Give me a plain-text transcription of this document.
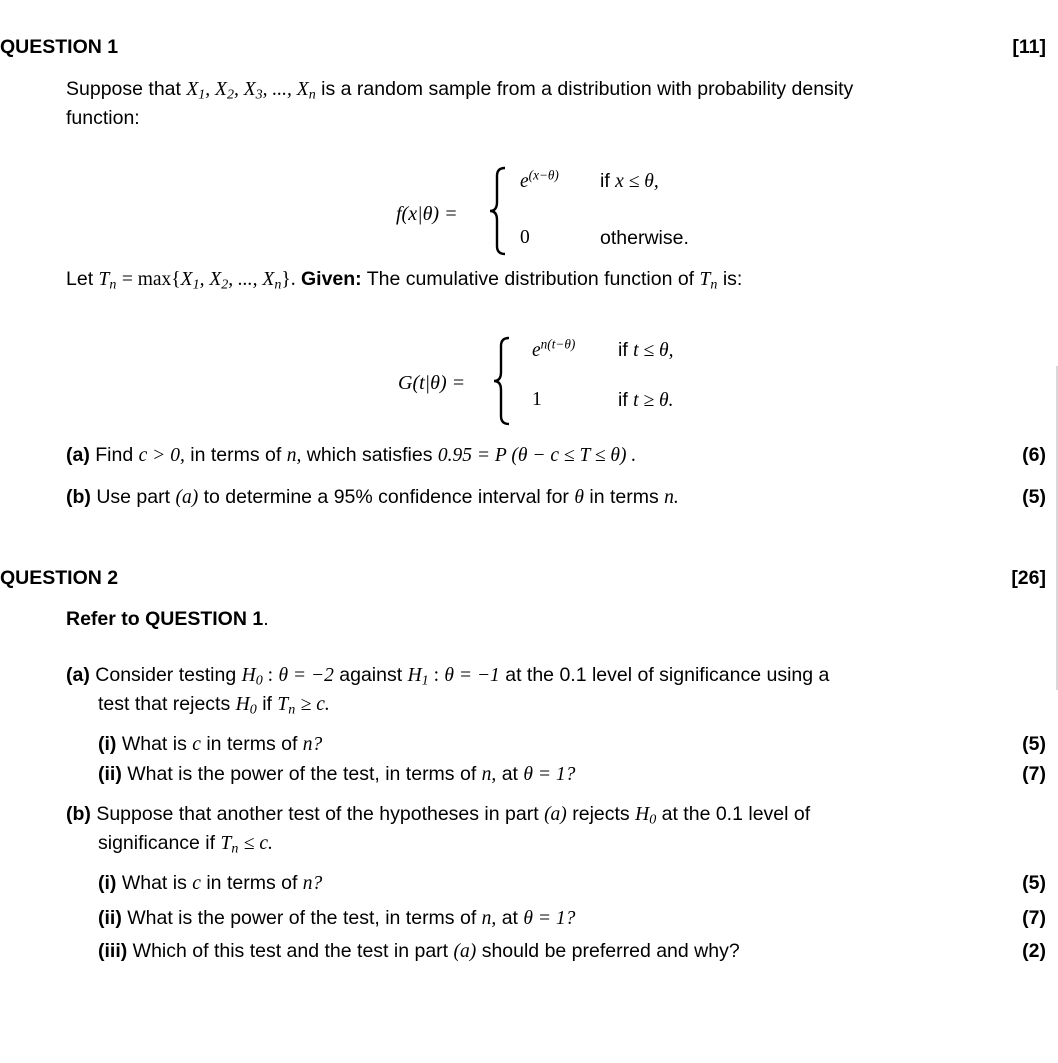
QUESTION 1	[11]
Suppose that $X_1$, $X_2$, $X_3$, ..., $X_n$ is a random sample from a distribution with probability density
function:
f(x|θ) =
$e^{(x-\theta)}$ if x ≤ θ,
0	otherwise.
Let $T_n = \max\{X_1$, $X_2$, ..., $X_n$}. Given: The cumulative distribution function of $T_n$ is:
G(t|θ) =
$e^{n(t-\theta)}$ if t ≤ θ,
1	if t ≥ θ.
(a) Find c > 0, in terms of n, which satisfies 0.95 = P (θ − c ≤ T ≤ θ) .	(6)
(b) Use part (a) to determine a 95% confidence interval for θ in terms n.	(5)
QUESTION 2	[26]
Refer to QUESTION 1.
(a) Consider testing $H_0$ : θ = −2 against $H_1$ : θ = −1 at the 0.1 level of significance using a
test that rejects $H_0$ if $T_n \ge c$.
(i) What is c in terms of n?	(5)
(ii) What is the power of the test, in terms of n, at θ = 1?	(7)
(b) Suppose that another test of the hypotheses in part (a) rejects $H_0$ at the 0.1 level of
significance if $T_n \le c$.
(i) What is c in terms of n?	(5)
(ii) What is the power of the test, in terms of n, at θ = 1?	(7)
(iii) Which of this test and the test in part (a) should be preferred and why?	(2)
